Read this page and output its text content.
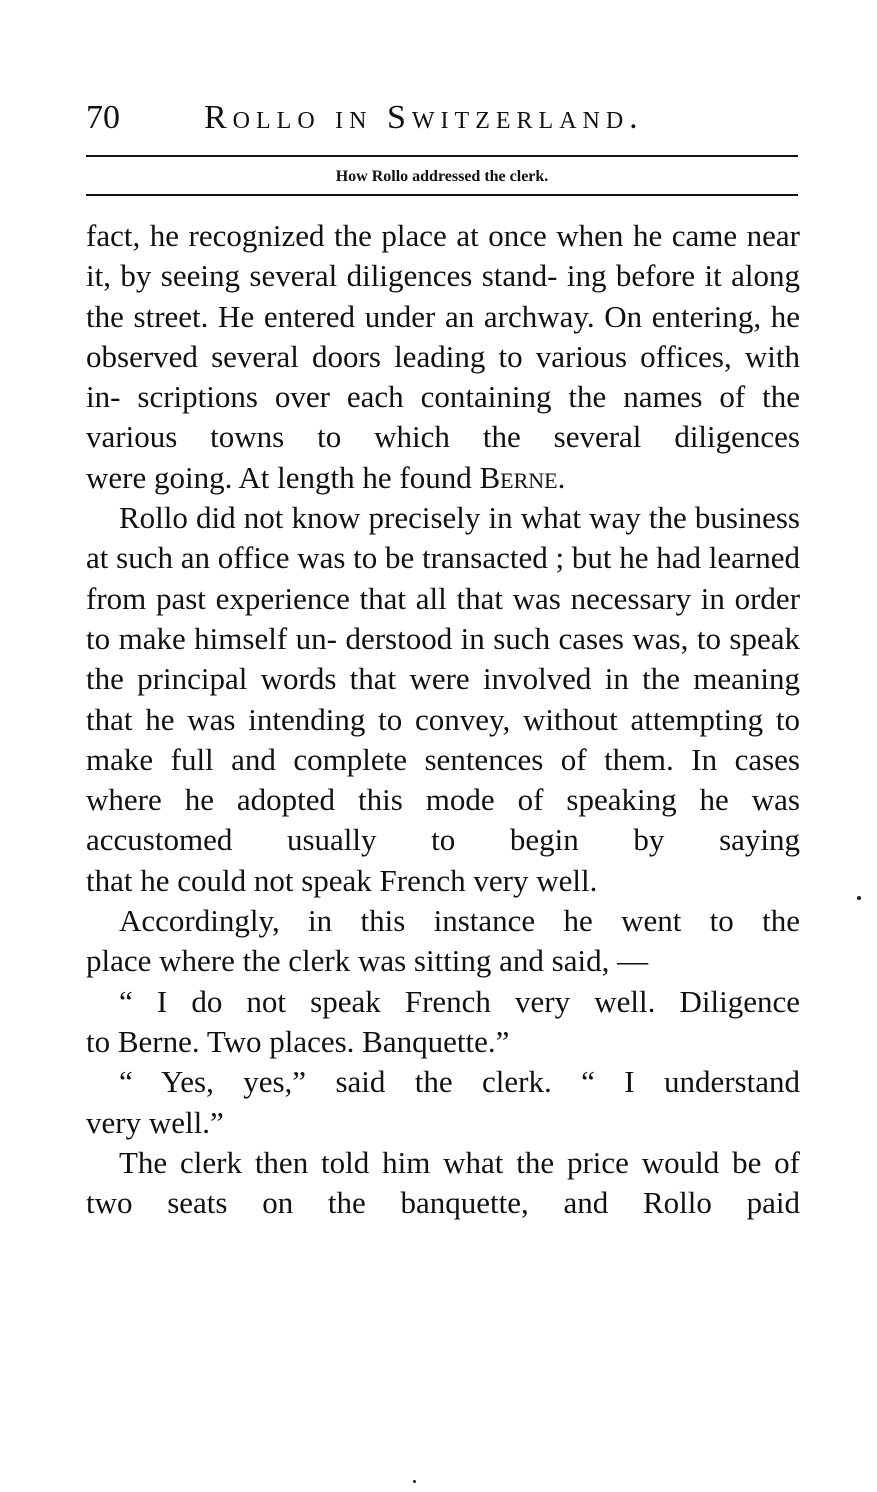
70 Rollo in Switzerland.
How Rollo addressed the clerk.

fact, he recognized the place at once when he came near it, by seeing several diligences stand- ing before it along the street. He entered under an archway. On entering, he observed several doors leading to various offices, with in- scriptions over each containing the names of the various towns to which the several diligences

were going. At length he found Berne.

Rollo did not know precisely in what way the business at such an office was to be transacted ; but he had learned from past experience that all that was necessary in order to make himself un- derstood in such cases was, to speak the principal words that were involved in the meaning that he was intending to convey, without attempting to make full and complete sentences of them. In cases where he adopted this mode of speaking he was accustomed usually to begin by saying

that he could not speak French very well.

Accordingly, in this instance he went to the

place where the clerk was sitting and said, —

“ I do not speak French very well. Diligence

to Berne. Two places. Banquette.”

“ Yes, yes,” said the clerk. “ I understand

very well.”

The clerk then told him what the price would be of two seats on the banquette, and Rollo paid
